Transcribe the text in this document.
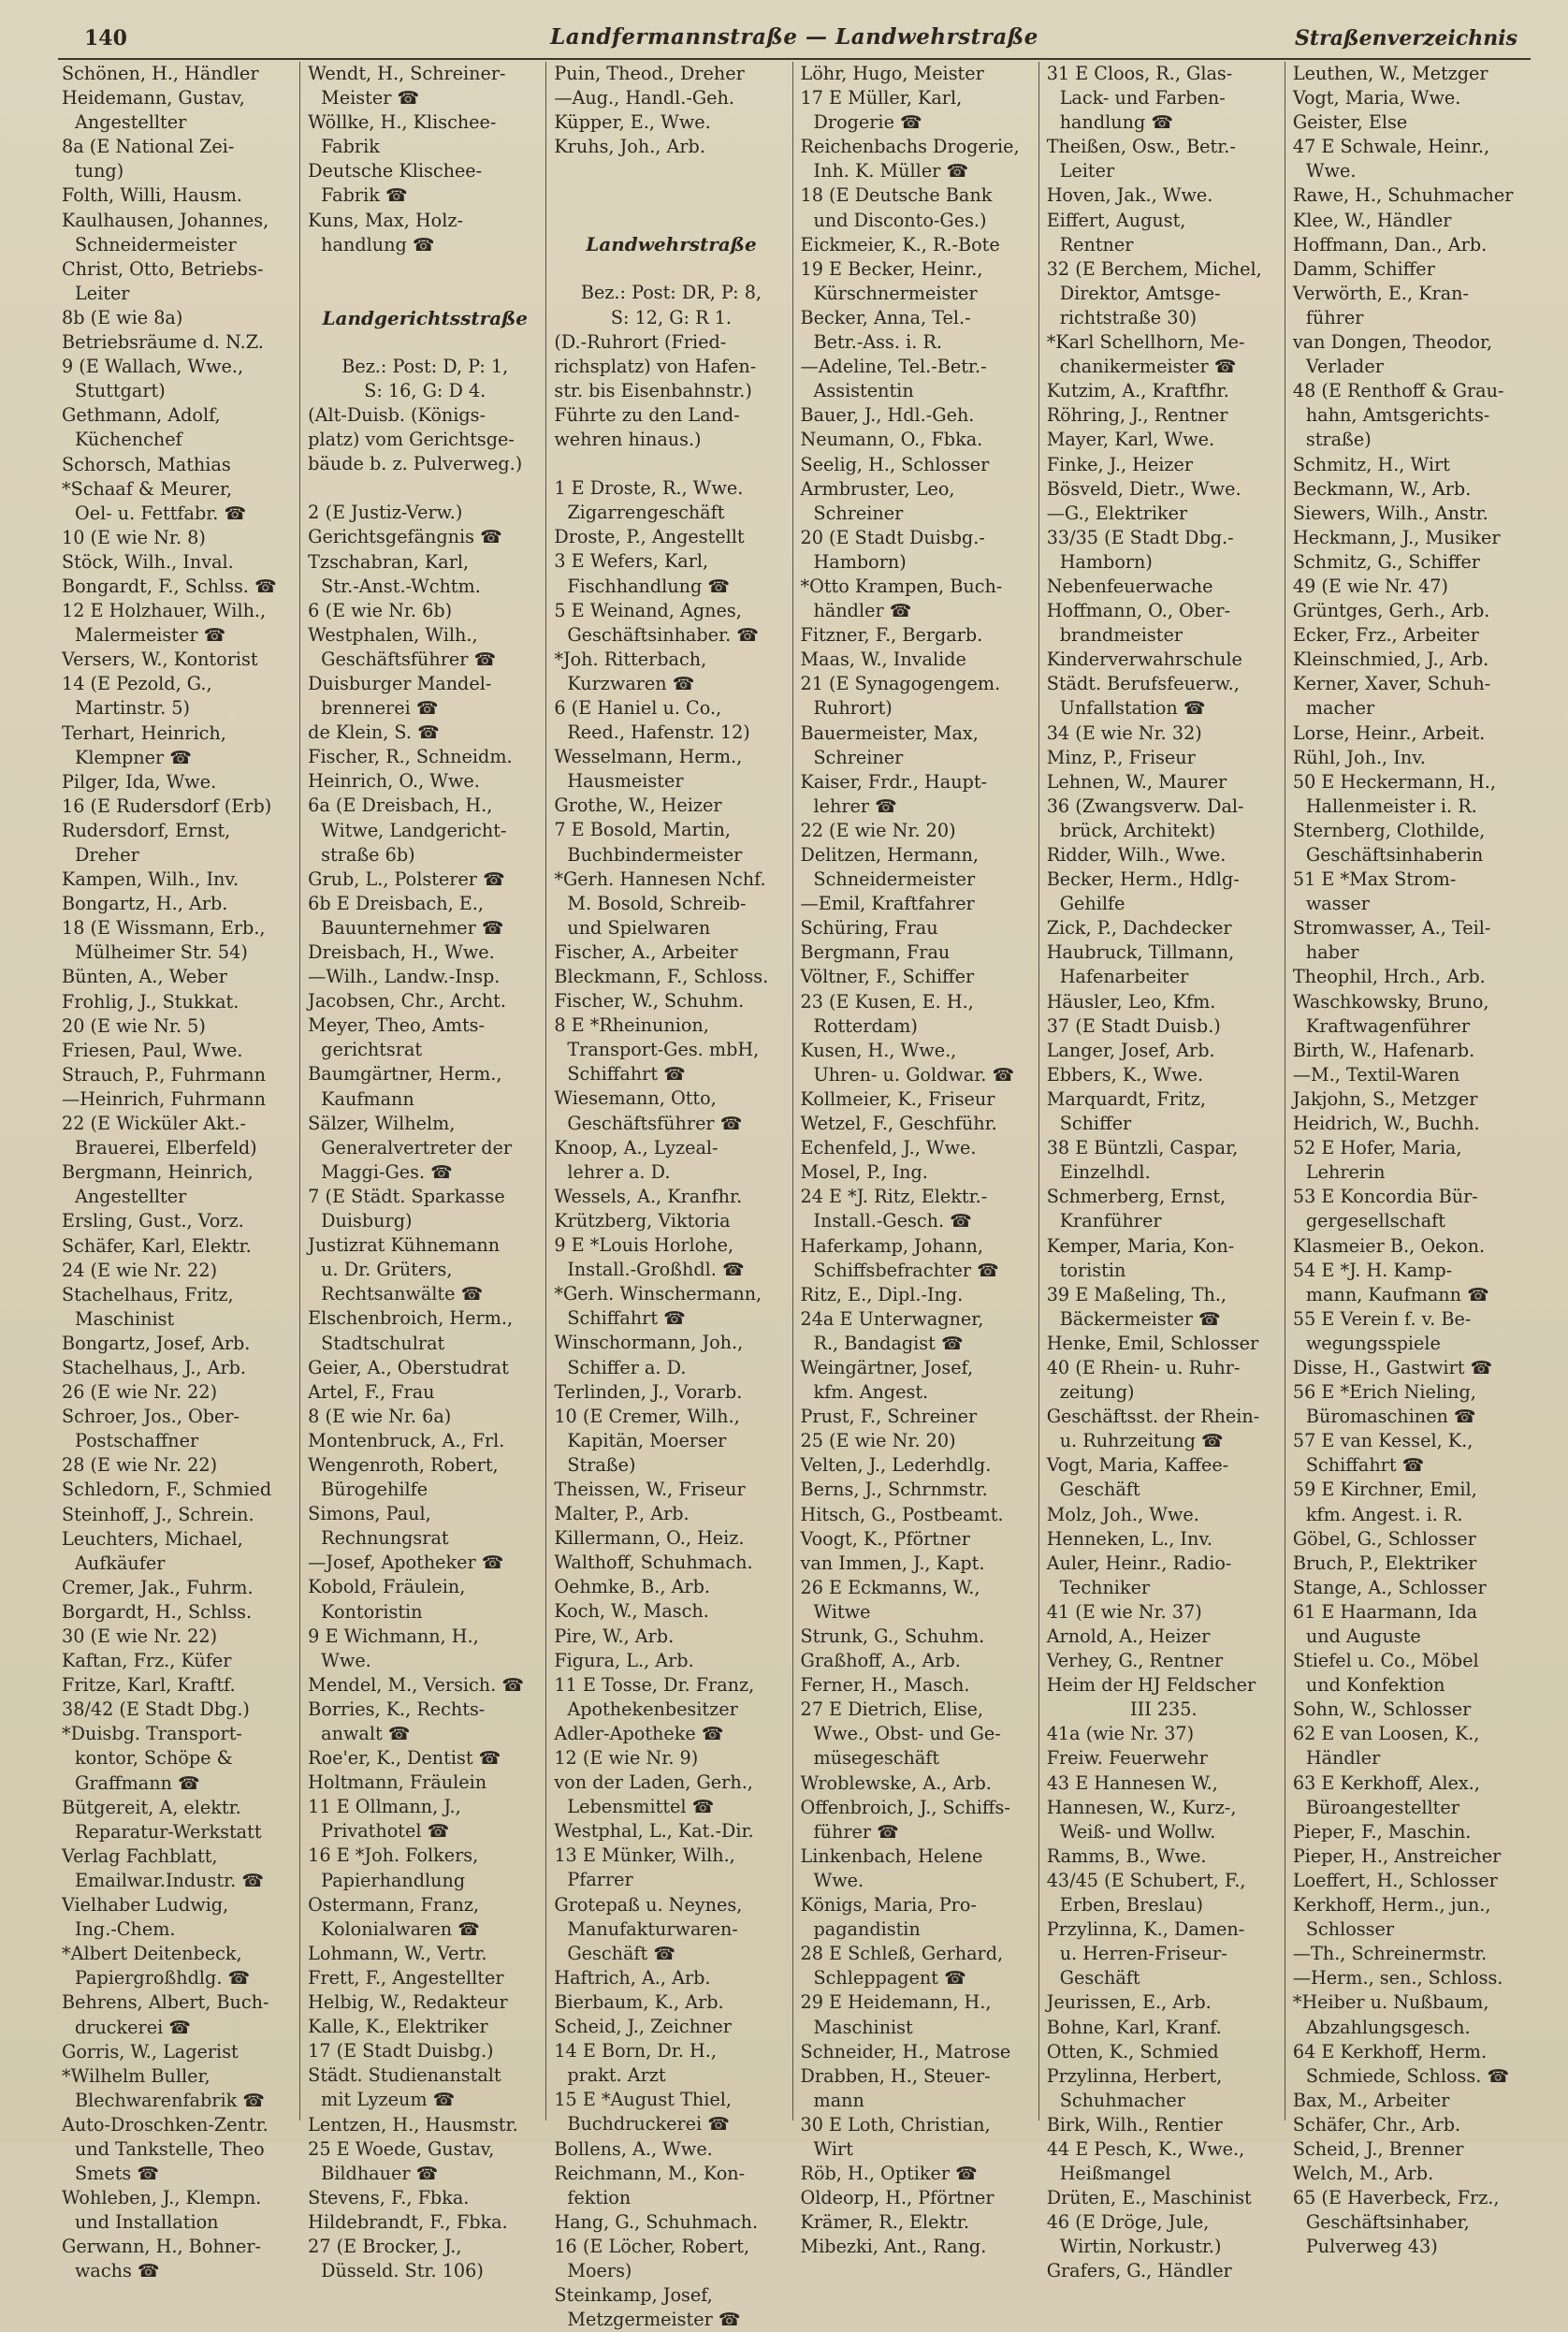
140	Landfermannstraße — Landwehrstraße	Straßenverzeichnis
Schönen, H., Händler
Heidemann, Gustav,
Angestellter
8a (E National Zei-
tung)
Folth, Willi, Hausm.
Kaulhausen, Johannes,
Schneidermeister
Christ, Otto, Betriebs-
Leiter
8b (E wie 8a)
Betriebsräume d. N.Z.
9 (E Wallach, Wwe.,
Stuttgart)
Gethmann, Adolf,
Küchenchef
Schorsch, Mathias
*Schaaf & Meurer,
Oel- u. Fettfabr. ☎
10 (E wie Nr. 8)
Stöck, Wilh., Inval.
Bongardt, F., Schlss. ☎
12 E Holzhauer, Wilh.,
Malermeister ☎
Versers, W., Kontorist
14 (E Pezold, G.,
Martinstr. 5)
Terhart, Heinrich,
Klempner ☎
Pilger, Ida, Wwe.
16 (E Rudersdorf (Erb)
Rudersdorf, Ernst,
Dreher
Kampen, Wilh., Inv.
Bongartz, H., Arb.
18 (E Wissmann, Erb.,
Mülheimer Str. 54)
Bünten, A., Weber
Frohlig, J., Stukkat.
20 (E wie Nr. 5)
Friesen, Paul, Wwe.
Strauch, P., Fuhrmann
—Heinrich, Fuhrmann
22 (E Wicküler Akt.-
Brauerei, Elberfeld)
Bergmann, Heinrich,
Angestellter
Ersling, Gust., Vorz.
Schäfer, Karl, Elektr.
24 (E wie Nr. 22)
Stachelhaus, Fritz,
Maschinist
Bongartz, Josef, Arb.
Stachelhaus, J., Arb.
26 (E wie Nr. 22)
Schroer, Jos., Ober-
Postschaffner
28 (E wie Nr. 22)
Schledorn, F., Schmied
Steinhoff, J., Schrein.
Leuchters, Michael,
Aufkäufer
Cremer, Jak., Fuhrm.
Borgardt, H., Schlss.
30 (E wie Nr. 22)
Kaftan, Frz., Küfer
Fritze, Karl, Kraftf.
38/42 (E Stadt Dbg.)
*Duisbg. Transport-
kontor, Schöpe &
Graffmann ☎
Bütgereit, A, elektr.
Reparatur-Werkstatt
Verlag Fachblatt,
Emailwar.Industr. ☎
Vielhaber Ludwig,
Ing.-Chem.
*Albert Deitenbeck,
Papiergroßhdlg. ☎
Behrens, Albert, Buch-
druckerei ☎
Gorris, W., Lagerist
*Wilhelm Buller,
Blechwarenfabrik ☎
Auto-Droschken-Zentr.
und Tankstelle, Theo
Smets ☎
Wohleben, J., Klempn.
und Installation
Gerwann, H., Bohner-
wachs ☎
Wendt, H., Schreiner-
Meister ☎
Wöllke, H., Klischee-
Fabrik
Deutsche Klischee-
Fabrik ☎
Kuns, Max, Holz-
handlung ☎
Landgerichtsstraße
Bez.: Post: D, P: 1,
S: 16, G: D 4.
(Alt-Duisb. (Königs-
platz) vom Gerichtsge-
bäude b. z. Pulverweg.)
2 (E Justiz-Verw.)
Gerichtsgefängnis ☎
Tzschabran, Karl,
Str.-Anst.-Wchtm.
6 (E wie Nr. 6b)
Westphalen, Wilh.,
Geschäftsführer ☎
Duisburger Mandel-
brennerei ☎
de Klein, S. ☎
Fischer, R., Schneidm.
Heinrich, O., Wwe.
6a (E Dreisbach, H.,
Witwe, Landgericht-
straße 6b)
Grub, L., Polsterer ☎
6b E Dreisbach, E.,
Bauunternehmer ☎
Dreisbach, H., Wwe.
—Wilh., Landw.-Insp.
Jacobsen, Chr., Archt.
Meyer, Theo, Amts-
gerichtsrat
Baumgärtner, Herm.,
Kaufmann
Sälzer, Wilhelm,
Generalvertreter der
Maggi-Ges. ☎
7 (E Städt. Sparkasse
Duisburg)
Justizrat Kühnemann
u. Dr. Grüters,
Rechtsanwälte ☎
Elschenbroich, Herm.,
Stadtschulrat
Geier, A., Oberstudrat
Artel, F., Frau
8 (E wie Nr. 6a)
Montenbruck, A., Frl.
Wengenroth, Robert,
Bürogehilfe
Simons, Paul,
Rechnungsrat
—Josef, Apotheker ☎
Kobold, Fräulein,
Kontoristin
9 E Wichmann, H.,
Wwe.
Mendel, M., Versich. ☎
Borries, K., Rechts-
anwalt ☎
Roe'er, K., Dentist ☎
Holtmann, Fräulein
11 E Ollmann, J.,
Privathotel ☎
16 E *Joh. Folkers,
Papierhandlung
Ostermann, Franz,
Kolonialwaren ☎
Lohmann, W., Vertr.
Frett, F., Angestellter
Helbig, W., Redakteur
Kalle, K., Elektriker
17 (E Stadt Duisbg.)
Städt. Studienanstalt
mit Lyzeum ☎
Lentzen, H., Hausmstr.
25 E Woede, Gustav,
Bildhauer ☎
Stevens, F., Fbka.
Hildebrandt, F., Fbka.
27 (E Brocker, J.,
Düsseld. Str. 106)
Puin, Theod., Dreher
—Aug., Handl.-Geh.
Küpper, E., Wwe.
Kruhs, Joh., Arb.
Landwehrstraße
Bez.: Post: DR, P: 8,
S: 12, G: R 1.
(D.-Ruhrort (Fried-
richsplatz) von Hafen-
str. bis Eisenbahnstr.)
Führte zu den Land-
wehren hinaus.)
1 E Droste, R., Wwe.
Zigarrengeschäft
Droste, P., Angestellt
3 E Wefers, Karl,
Fischhandlung ☎
5 E Weinand, Agnes,
Geschäftsinhaber. ☎
*Joh. Ritterbach,
Kurzwaren ☎
6 (E Haniel u. Co.,
Reed., Hafenstr. 12)
Wesselmann, Herm.,
Hausmeister
Grothe, W., Heizer
7 E Bosold, Martin,
Buchbindermeister
*Gerh. Hannesen Nchf.
M. Bosold, Schreib-
und Spielwaren
Fischer, A., Arbeiter
Bleckmann, F., Schloss.
Fischer, W., Schuhm.
8 E *Rheinunion,
Transport-Ges. mbH,
Schiffahrt ☎
Wiesemann, Otto,
Geschäftsführer ☎
Knoop, A., Lyzeal-
lehrer a. D.
Wessels, A., Kranfhr.
Krützberg, Viktoria
9 E *Louis Horlohe,
Install.-Großhdl. ☎
*Gerh. Winschermann,
Schiffahrt ☎
Winschormann, Joh.,
Schiffer a. D.
Terlinden, J., Vorarb.
10 (E Cremer, Wilh.,
Kapitän, Moerser
Straße)
Theissen, W., Friseur
Malter, P., Arb.
Killermann, O., Heiz.
Walthoff, Schuhmach.
Oehmke, B., Arb.
Koch, W., Masch.
Pire, W., Arb.
Figura, L., Arb.
11 E Tosse, Dr. Franz,
Apothekenbesitzer
Adler-Apotheke ☎
12 (E wie Nr. 9)
von der Laden, Gerh.,
Lebensmittel ☎
Westphal, L., Kat.-Dir.
13 E Münker, Wilh.,
Pfarrer
Grotepaß u. Neynes,
Manufakturwaren-
Geschäft ☎
Haftrich, A., Arb.
Bierbaum, K., Arb.
Scheid, J., Zeichner
14 E Born, Dr. H.,
prakt. Arzt
15 E *August Thiel,
Buchdruckerei ☎
Bollens, A., Wwe.
Reichmann, M., Kon-
fektion
Hang, G., Schuhmach.
16 (E Löcher, Robert,
Moers)
Steinkamp, Josef,
Metzgermeister ☎
Löhr, Hugo, Meister
17 E Müller, Karl,
Drogerie ☎
Reichenbachs Drogerie,
Inh. K. Müller ☎
18 (E Deutsche Bank
und Disconto-Ges.)
Eickmeier, K., R.-Bote
19 E Becker, Heinr.,
Kürschnermeister
Becker, Anna, Tel.-
Betr.-Ass. i. R.
—Adeline, Tel.-Betr.-
Assistentin
Bauer, J., Hdl.-Geh.
Neumann, O., Fbka.
Seelig, H., Schlosser
Armbruster, Leo,
Schreiner
20 (E Stadt Duisbg.-
Hamborn)
*Otto Krampen, Buch-
händler ☎
Fitzner, F., Bergarb.
Maas, W., Invalide
21 (E Synagogengem.
Ruhrort)
Bauermeister, Max,
Schreiner
Kaiser, Frdr., Haupt-
lehrer ☎
22 (E wie Nr. 20)
Delitzen, Hermann,
Schneidermeister
—Emil, Kraftfahrer
Schüring, Frau
Bergmann, Frau
Völtner, F., Schiffer
23 (E Kusen, E. H.,
Rotterdam)
Kusen, H., Wwe.,
Uhren- u. Goldwar. ☎
Kollmeier, K., Friseur
Wetzel, F., Geschführ.
Echenfeld, J., Wwe.
Mosel, P., Ing.
24 E *J. Ritz, Elektr.-
Install.-Gesch. ☎
Haferkamp, Johann,
Schiffsbefrachter ☎
Ritz, E., Dipl.-Ing.
24a E Unterwagner,
R., Bandagist ☎
Weingärtner, Josef,
kfm. Angest.
Prust, F., Schreiner
25 (E wie Nr. 20)
Velten, J., Lederhdlg.
Berns, J., Schrnmstr.
Hitsch, G., Postbeamt.
Voogt, K., Pförtner
van Immen, J., Kapt.
26 E Eckmanns, W.,
Witwe
Strunk, G., Schuhm.
Graßhoff, A., Arb.
Ferner, H., Masch.
27 E Dietrich, Elise,
Wwe., Obst- und Ge-
müsegeschäft
Wroblewske, A., Arb.
Offenbroich, J., Schiffs-
führer ☎
Linkenbach, Helene
Wwe.
Königs, Maria, Pro-
pagandistin
28 E Schleß, Gerhard,
Schleppagent ☎
29 E Heidemann, H.,
Maschinist
Schneider, H., Matrose
Drabben, H., Steuer-
mann
30 E Loth, Christian,
Wirt
Röb, H., Optiker ☎
Oldeorp, H., Pförtner
Krämer, R., Elektr.
Mibezki, Ant., Rang.
31 E Cloos, R., Glas-
Lack- und Farben-
handlung ☎
Theißen, Osw., Betr.-
Leiter
Hoven, Jak., Wwe.
Eiffert, August,
Rentner
32 (E Berchem, Michel,
Direktor, Amtsge-
richtstraße 30)
*Karl Schellhorn, Me-
chanikermeister ☎
Kutzim, A., Kraftfhr.
Röhring, J., Rentner
Mayer, Karl, Wwe.
Finke, J., Heizer
Bösveld, Dietr., Wwe.
—G., Elektriker
33/35 (E Stadt Dbg.-
Hamborn)
Nebenfeuerwache
Hoffmann, O., Ober-
brandmeister
Kinderverwahrschule
Städt. Berufsfeuerw.,
Unfallstation ☎
34 (E wie Nr. 32)
Minz, P., Friseur
Lehnen, W., Maurer
36 (Zwangsverw. Dal-
brück, Architekt)
Ridder, Wilh., Wwe.
Becker, Herm., Hdlg-
Gehilfe
Zick, P., Dachdecker
Haubruck, Tillmann,
Hafenarbeiter
Häusler, Leo, Kfm.
37 (E Stadt Duisb.)
Langer, Josef, Arb.
Ebbers, K., Wwe.
Marquardt, Fritz,
Schiffer
38 E Büntzli, Caspar,
Einzelhdl.
Schmerberg, Ernst,
Kranführer
Kemper, Maria, Kon-
toristin
39 E Maßeling, Th.,
Bäckermeister ☎
Henke, Emil, Schlosser
40 (E Rhein- u. Ruhr-
zeitung)
Geschäftsst. der Rhein-
u. Ruhrzeitung ☎
Vogt, Maria, Kaffee-
Geschäft
Molz, Joh., Wwe.
Henneken, L., Inv.
Auler, Heinr., Radio-
Techniker
41 (E wie Nr. 37)
Arnold, A., Heizer
Verhey, G., Rentner
Heim der HJ Feldscher
III 235.
41a (wie Nr. 37)
Freiw. Feuerwehr
43 E Hannesen W.,
Hannesen, W., Kurz-,
Weiß- und Wollw.
Ramms, B., Wwe.
43/45 (E Schubert, F.,
Erben, Breslau)
Przylinna, K., Damen-
u. Herren-Friseur-
Geschäft
Jeurissen, E., Arb.
Bohne, Karl, Kranf.
Otten, K., Schmied
Przylinna, Herbert,
Schuhmacher
Birk, Wilh., Rentier
44 E Pesch, K., Wwe.,
Heißmangel
Drüten, E., Maschinist
46 (E Dröge, Jule,
Wirtin, Norkustr.)
Grafers, G., Händler
Leuthen, W., Metzger
Vogt, Maria, Wwe.
Geister, Else
47 E Schwale, Heinr.,
Wwe.
Rawe, H., Schuhmacher
Klee, W., Händler
Hoffmann, Dan., Arb.
Damm, Schiffer
Verwörth, E., Kran-
führer
van Dongen, Theodor,
Verlader
48 (E Renthoff & Grau-
hahn, Amtsgerichts-
straße)
Schmitz, H., Wirt
Beckmann, W., Arb.
Siewers, Wilh., Anstr.
Heckmann, J., Musiker
Schmitz, G., Schiffer
49 (E wie Nr. 47)
Grüntges, Gerh., Arb.
Ecker, Frz., Arbeiter
Kleinschmied, J., Arb.
Kerner, Xaver, Schuh-
macher
Lorse, Heinr., Arbeit.
Rühl, Joh., Inv.
50 E Heckermann, H.,
Hallenmeister i. R.
Sternberg, Clothilde,
Geschäftsinhaberin
51 E *Max Strom-
wasser
Stromwasser, A., Teil-
haber
Theophil, Hrch., Arb.
Waschkowsky, Bruno,
Kraftwagenführer
Birth, W., Hafenarb.
—M., Textil-Waren
Jakjohn, S., Metzger
Heidrich, W., Buchh.
52 E Hofer, Maria,
Lehrerin
53 E Koncordia Bür-
gergesellschaft
Klasmeier B., Oekon.
54 E *J. H. Kamp-
mann, Kaufmann ☎
55 E Verein f. v. Be-
wegungsspiele
Disse, H., Gastwirt ☎
56 E *Erich Nieling,
Büromaschinen ☎
57 E van Kessel, K.,
Schiffahrt ☎
59 E Kirchner, Emil,
kfm. Angest. i. R.
Göbel, G., Schlosser
Bruch, P., Elektriker
Stange, A., Schlosser
61 E Haarmann, Ida
und Auguste
Stiefel u. Co., Möbel
und Konfektion
Sohn, W., Schlosser
62 E van Loosen, K.,
Händler
63 E Kerkhoff, Alex.,
Büroangestellter
Pieper, F., Maschin.
Pieper, H., Anstreicher
Loeffert, H., Schlosser
Kerkhoff, Herm., jun.,
Schlosser
—Th., Schreinermstr.
—Herm., sen., Schloss.
*Heiber u. Nußbaum,
Abzahlungsgesch.
64 E Kerkhoff, Herm.
Schmiede, Schloss. ☎
Bax, M., Arbeiter
Schäfer, Chr., Arb.
Scheid, J., Brenner
Welch, M., Arb.
65 (E Haverbeck, Frz.,
Geschäftsinhaber,
Pulverweg 43)
